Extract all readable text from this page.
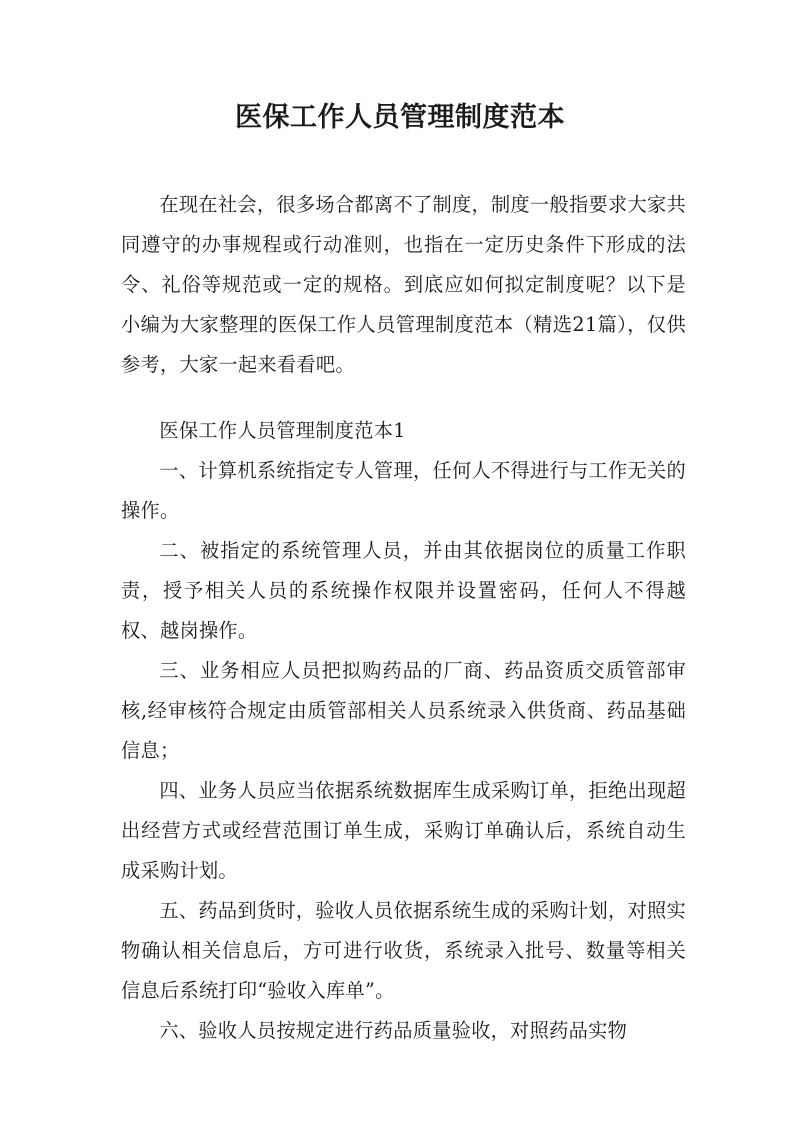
医保工作人员管理制度范本

在现在社会，很多场合都离不了制度，制度一般指要求大家共同遵守的办事规程或行动准则，也指在一定历史条件下形成的法令、礼俗等规范或一定的规格。到底应如何拟定制度呢？以下是小编为大家整理的医保工作人员管理制度范本（精选21篇），仅供参考，大家一起来看看吧。

医保工作人员管理制度范本1

一、计算机系统指定专人管理，任何人不得进行与工作无关的操作。

二、被指定的系统管理人员，并由其依据岗位的质量工作职责，授予相关人员的系统操作权限并设置密码，任何人不得越权、越岗操作。

三、业务相应人员把拟购药品的厂商、药品资质交质管部审核,经审核符合规定由质管部相关人员系统录入供货商、药品基础信息；

四、业务人员应当依据系统数据库生成采购订单，拒绝出现超出经营方式或经营范围订单生成，采购订单确认后，系统自动生成采购计划。

五、药品到货时，验收人员依据系统生成的采购计划，对照实物确认相关信息后，方可进行收货，系统录入批号、数量等相关信息后系统打印“验收入库单”。

六、验收人员按规定进行药品质量验收，对照药品实物
